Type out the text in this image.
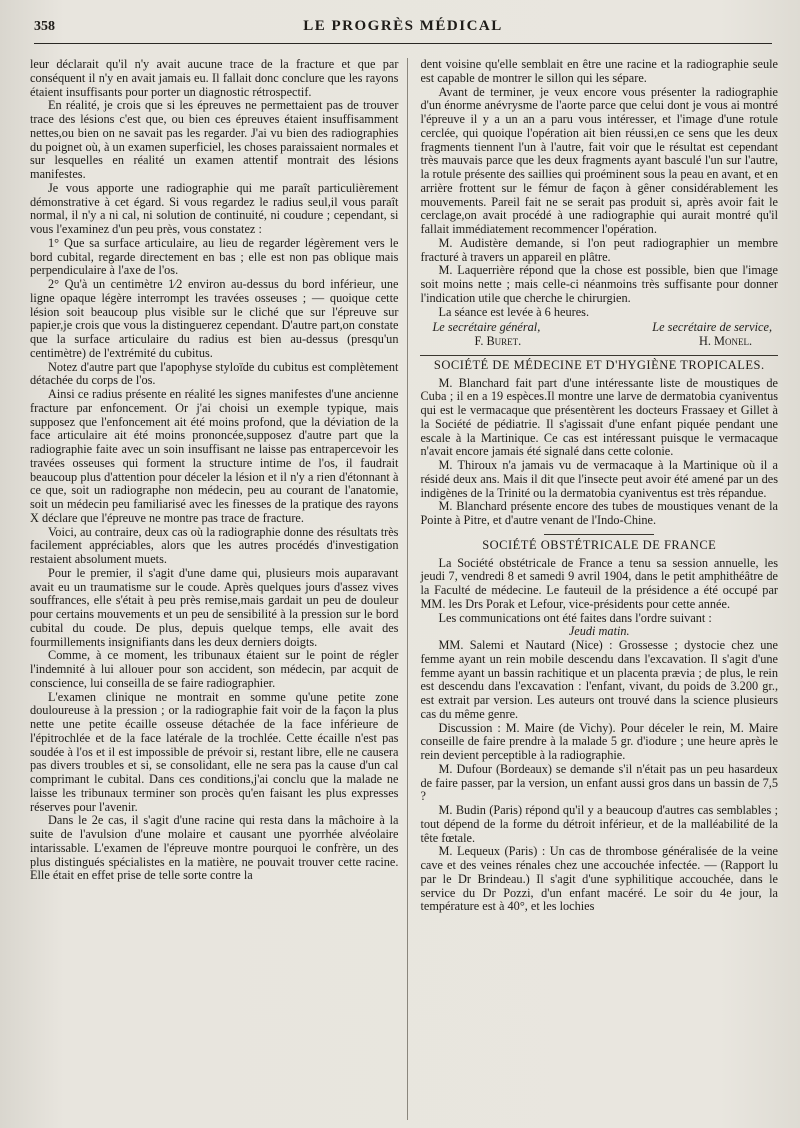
358	LE PROGRÈS MÉDICAL

leur déclarait qu'il n'y avait aucune trace de la fracture et que par conséquent il n'y en avait jamais eu. Il fallait donc conclure que les rayons étaient insuffisants pour porter un diagnostic rétrospectif.

En réalité, je crois que si les épreuves ne permettaient pas de trouver trace des lésions c'est que, ou bien ces épreuves étaient insuffisamment nettes,ou bien on ne savait pas les regarder. J'ai vu bien des radiographies du poignet où, à un examen superficiel, les choses paraissaient normales et sur lesquelles en réalité un examen attentif montrait des lésions manifestes.

Je vous apporte une radiographie qui me paraît particulièrement démonstrative à cet égard. Si vous regardez le radius seul,il vous paraît normal, il n'y a ni cal, ni solution de continuité, ni coudure ; cependant, si vous l'examinez d'un peu près, vous constatez :

1° Que sa surface articulaire, au lieu de regarder légèrement vers le bord cubital, regarde directement en bas ; elle est non pas oblique mais perpendiculaire à l'axe de l'os.

2° Qu'à un centimètre 1⁄2 environ au-dessus du bord inférieur, une ligne opaque légère interrompt les travées osseuses ; — quoique cette lésion soit beaucoup plus visible sur le cliché que sur l'épreuve sur papier,je crois que vous la distinguerez cependant. D'autre part,on constate que la surface articulaire du radius est bien au-dessus (presqu'un centimètre) de l'extrémité du cubitus.

Notez d'autre part que l'apophyse styloïde du cubitus est complètement détachée du corps de l'os.

Ainsi ce radius présente en réalité les signes manifestes d'une ancienne fracture par enfoncement. Or j'ai choisi un exemple typique, mais supposez que l'enfoncement ait été moins profond, que la déviation de la face articulaire ait été moins prononcée,supposez d'autre part que la radiographie faite avec un soin insuffisant ne laisse pas entrapercevoir les travées osseuses qui forment la structure intime de l'os, il faudrait beaucoup plus d'attention pour déceler la lésion et il n'y a rien d'étonnant à ce que, soit un radiographe non médecin, peu au courant de l'anatomie, soit un médecin peu familiarisé avec les finesses de la pratique des rayons X déclare que l'épreuve ne montre pas trace de fracture.

Voici, au contraire, deux cas où la radiographie donne des résultats très facilement appréciables, alors que les autres procédés d'investigation restaient absolument muets.

Pour le premier, il s'agit d'une dame qui, plusieurs mois auparavant avait eu un traumatisme sur le coude. Après quelques jours d'assez vives souffrances, elle s'était à peu près remise,mais gardait un peu de douleur pour certains mouvements et un peu de sensibilité à la pression sur le bord cubital du coude. De plus, depuis quelque temps, elle avait des fourmillements insignifiants dans les deux derniers doigts.

Comme, à ce moment, les tribunaux étaient sur le point de régler l'indemnité à lui allouer pour son accident, son médecin, par acquit de conscience, lui conseilla de se faire radiographier.

L'examen clinique ne montrait en somme qu'une petite zone douloureuse à la pression ; or la radiographie fait voir de la façon la plus nette une petite écaille osseuse détachée de la face inférieure de l'épitrochlée et de la face latérale de la trochlée. Cette écaille n'est pas soudée à l'os et il est impossible de prévoir si, restant libre, elle ne causera pas divers troubles et si, se consolidant, elle ne sera pas la cause d'un cal comprimant le cubital. Dans ces conditions,j'ai conclu que la malade ne laisse les tribunaux terminer son procès qu'en faisant les plus expresses réserves pour l'avenir.

Dans le 2e cas, il s'agit d'une racine qui resta dans la mâchoire à la suite de l'avulsion d'une molaire et causant une pyorrhée alvéolaire intarissable. L'examen de l'épreuve montre pourquoi le confrère, un des plus distingués spécialistes en la matière, ne pouvait trouver cette racine. Elle était en effet prise de telle sorte contre la

dent voisine qu'elle semblait en être une racine et la radiographie seule est capable de montrer le sillon qui les sépare.

Avant de terminer, je veux encore vous présenter la radiographie d'un énorme anévrysme de l'aorte parce que celui dont je vous ai montré l'épreuve il y a un an a paru vous intéresser, et l'image d'une rotule cerclée, qui quoique l'opération ait bien réussi,en ce sens que les deux fragments tiennent l'un à l'autre, fait voir que le résultat est cependant très mauvais parce que les deux fragments ayant basculé l'un sur l'autre, la rotule présente des saillies qui proéminent sous la peau en avant, et en arrière frottent sur le fémur de façon à gêner considérablement les mouvements. Pareil fait ne se serait pas produit si, après avoir fait le cerclage,on avait procédé à une radiographie qui aurait montré qu'il fallait immédiatement recommencer l'opération.

M. Audistère demande, si l'on peut radiographier un membre fracturé à travers un appareil en plâtre.

M. Laquerrière répond que la chose est possible, bien que l'image soit moins nette ; mais celle-ci néanmoins très suffisante pour donner l'indication utile que cherche le chirurgien.

La séance est levée à 6 heures.

Le secrétaire général,	Le secrétaire de service,
F. Buret.	H. Monel.
SOCIÉTÉ DE MÉDECINE ET D'HYGIÈNE TROPICALES.

M. Blanchard fait part d'une intéressante liste de moustiques de Cuba ; il en a 19 espèces.Il montre une larve de dermatobia cyaniventus qui est le vermacaque que présentèrent les docteurs Frassaey et Gillet à la Société de pédiatrie. Il s'agissait d'une enfant piquée pendant une escale à la Martinique. Ce cas est intéressant puisque le vermacaque n'avait encore jamais été signalé dans cette colonie.

M. Thiroux n'a jamais vu de vermacaque à la Martinique où il a résidé deux ans. Mais il dit que l'insecte peut avoir été amené par un des indigènes de la Trinité ou la dermatobia cyaniventus est très répandue.

M. Blanchard présente encore des tubes de moustiques venant de la Pointe à Pitre, et d'autre venant de l'Indo-Chine.

SOCIÉTÉ OBSTÉTRICALE DE FRANCE

La Société obstétricale de France a tenu sa session annuelle, les jeudi 7, vendredi 8 et samedi 9 avril 1904, dans le petit amphithéâtre de la Faculté de médecine. Le fauteuil de la présidence a été occupé par MM. les Drs Porak et Lefour, vice-présidents pour cette année.

Les communications ont été faites dans l'ordre suivant :

Jeudi matin.

MM. Salemi et Nautard (Nice) : Grossesse ; dystocie chez une femme ayant un rein mobile descendu dans l'excavation. Il s'agit d'une femme ayant un bassin rachitique et un placenta prævia ; de plus, le rein est descendu dans l'excavation : l'enfant, vivant, du poids de 3.200 gr., est extrait par version. Les auteurs ont trouvé dans la science plusieurs cas du même genre.

Discussion : M. Maire (de Vichy). Pour déceler le rein, M. Maire conseille de faire prendre à la malade 5 gr. d'iodure ; une heure après le rein devient perceptible à la radiographie.

M. Dufour (Bordeaux) se demande s'il n'était pas un peu hasardeux de faire passer, par la version, un enfant aussi gros dans un bassin de 7,5 ?

M. Budin (Paris) répond qu'il y a beaucoup d'autres cas semblables ; tout dépend de la forme du détroit inférieur, et de la malléabilité de la tête fœtale.

M. Lequeux (Paris) : Un cas de thrombose généralisée de la veine cave et des veines rénales chez une accouchée infectée. — (Rapport lu par le Dr Brindeau.) Il s'agit d'une syphilitique accouchée, dans le service du Dr Pozzi, d'un enfant macéré. Le soir du 4e jour, la température est à 40°, et les lochies
